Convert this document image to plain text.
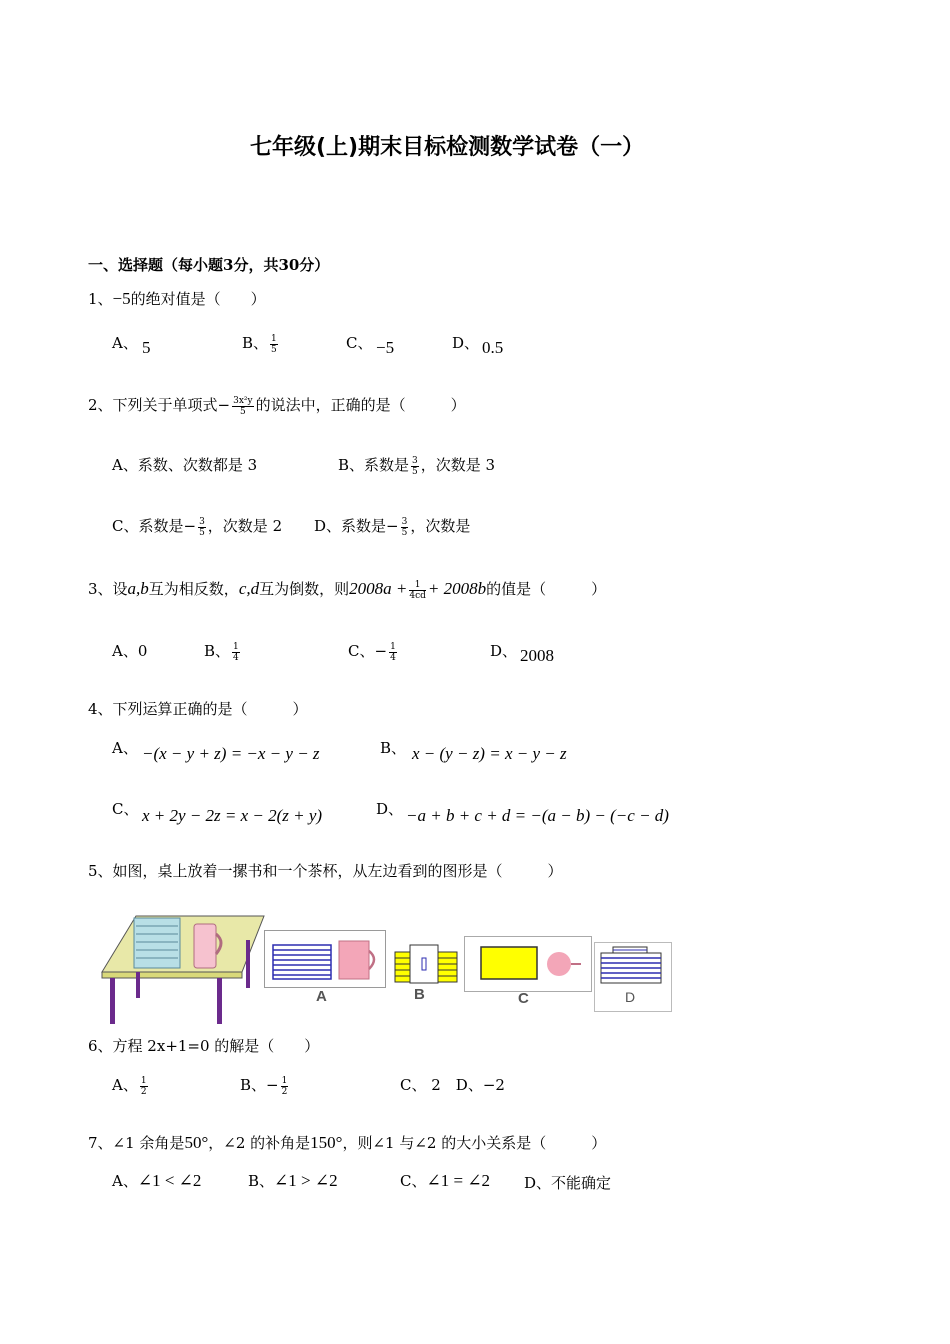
七年级(上)期末目标检测数学试卷（一）
一、选择题（每小题3分，共30分）
1、−5的绝对值是（　　）
A、 5	B、 $\frac{1}{5}$	C、 −5	D、 0.5
2、下列关于单项式− $\frac{\text{3x²y}}{5}$ 的说法中，正确的是（　　　）
A、系数、次数都是 3	B、系数是 $\frac{3}{5}$ ，次数是 3
C、系数是− $\frac{3}{5}$ ，次数是 2 D、系数是− $\frac{3}{5}$ ，次数是
3、设a,b互为相反数，c,d互为倒数，则$2008a + \frac{1}{4cd} + 2008b$的值是（　　　）
A、0	B、 $\frac{1}{4}$	C、− $\frac{1}{4}$	D、 2008
4、下列运算正确的是（　　　）
A、 −(x − y + z) = −x − y − z	B、 x − (y − z) = x − y − z
C、 x + 2y − 2z = x − 2(z + y)	D、 −a + b + c + d = −(a − b) − (−c − d)
5、如图，桌上放着一摞书和一个茶杯，从左边看到的图形是（　　　）
A	B	C	D
6、方程 2x+1=0 的解是（　　）
A、 $\frac{1}{2}$	B、− $\frac{1}{2}$	C、 2　D、−2
7、∠1 余角是50°，∠2 的补角是150°，则∠1 与∠2 的大小关系是（　　　）
A、∠1 < ∠2	B、∠1 > ∠2	C、∠1 = ∠2 D、不能确定
